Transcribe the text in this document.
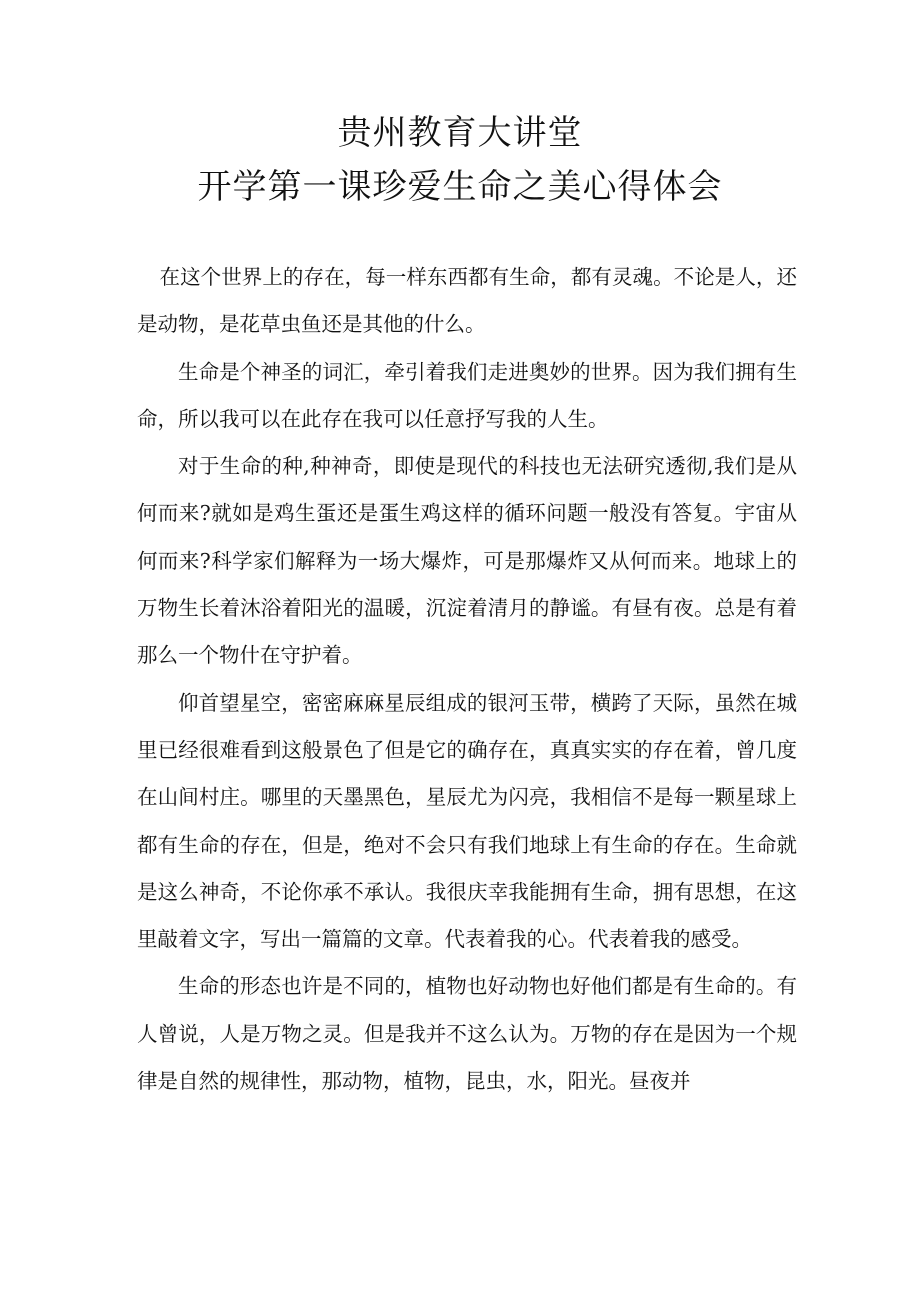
贵州教育大讲堂
开学第一课珍爱生命之美心得体会

在这个世界上的存在，每一样东西都有生命，都有灵魂。不论是人，还是动物，是花草虫鱼还是其他的什么。

生命是个神圣的词汇，牵引着我们走进奥妙的世界。因为我们拥有生命，所以我可以在此存在我可以任意抒写我的人生。

对于生命的种,种神奇，即使是现代的科技也无法研究透彻,我们是从何而来?就如是鸡生蛋还是蛋生鸡这样的循环问题一般没有答复。宇宙从何而来?科学家们解释为一场大爆炸，可是那爆炸又从何而来。地球上的万物生长着沐浴着阳光的温暖，沉淀着清月的静谧。有昼有夜。总是有着那么一个物什在守护着。

仰首望星空，密密麻麻星辰组成的银河玉带，横跨了天际，虽然在城里已经很难看到这般景色了但是它的确存在，真真实实的存在着，曾几度在山间村庄。哪里的天墨黑色，星辰尤为闪亮，我相信不是每一颗星球上都有生命的存在，但是，绝对不会只有我们地球上有生命的存在。生命就是这么神奇，不论你承不承认。我很庆幸我能拥有生命，拥有思想，在这里敲着文字，写出一篇篇的文章。代表着我的心。代表着我的感受。

生命的形态也许是不同的，植物也好动物也好他们都是有生命的。有人曾说，人是万物之灵。但是我并不这么认为。万物的存在是因为一个规律是自然的规律性，那动物，植物，昆虫，水，阳光。昼夜并
